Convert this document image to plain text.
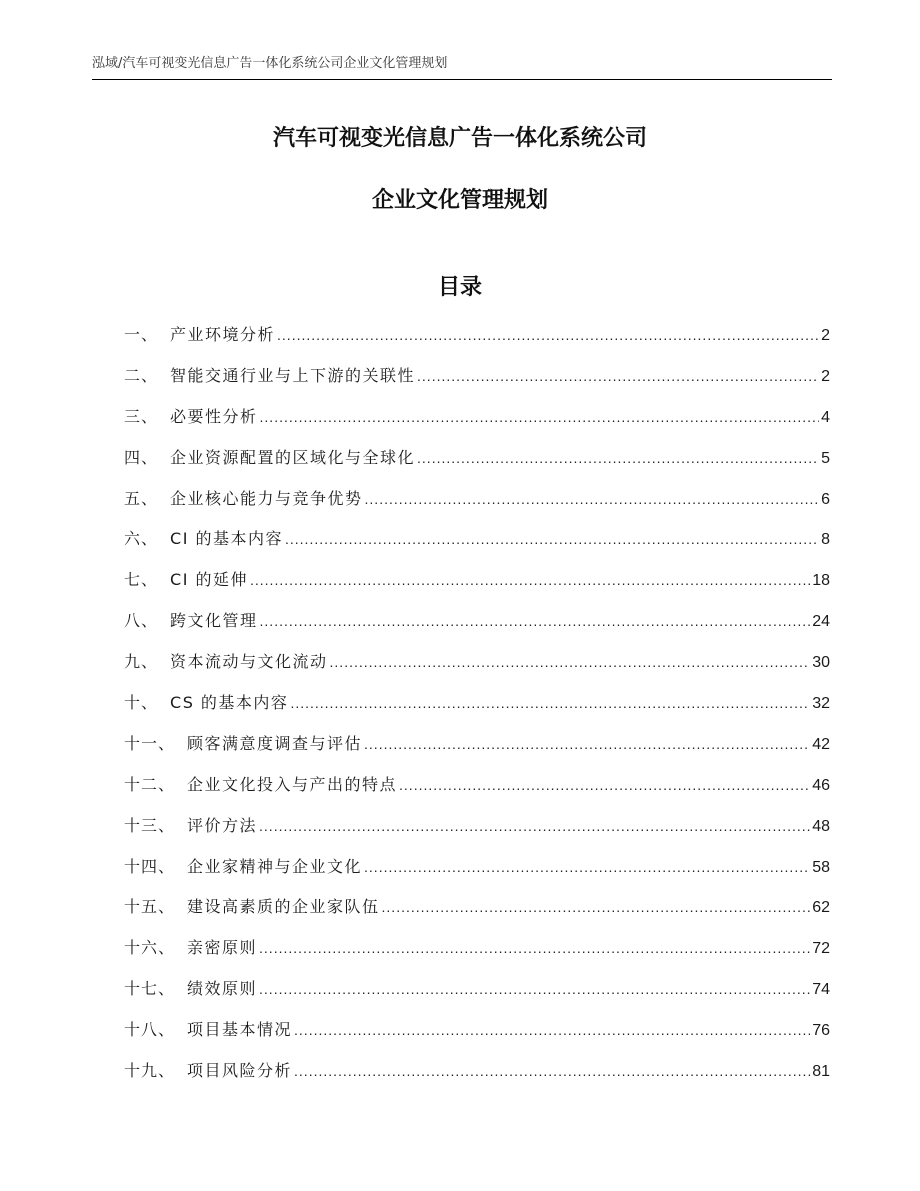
泓域/汽车可视变光信息广告一体化系统公司企业文化管理规划
汽车可视变光信息广告一体化系统公司
企业文化管理规划
目录
一、 产业环境分析 .....	2
二、 智能交通行业与上下游的关联性 .....	2
三、 必要性分析 .....	4
四、 企业资源配置的区域化与全球化 .....	5
五、 企业核心能力与竞争优势 .....	6
六、 CI 的基本内容 .....	8
七、 CI 的延伸 .....	18
八、 跨文化管理 .....	24
九、 资本流动与文化流动 .....	30
十、 CS 的基本内容 .....	32
十一、 顾客满意度调查与评估 .....	42
十二、 企业文化投入与产出的特点 .....	46
十三、 评价方法 .....	48
十四、 企业家精神与企业文化 .....	58
十五、 建设高素质的企业家队伍 .....	62
十六、 亲密原则 .....	72
十七、 绩效原则 .....	74
十八、 项目基本情况 .....	76
十九、 项目风险分析 .....	81
